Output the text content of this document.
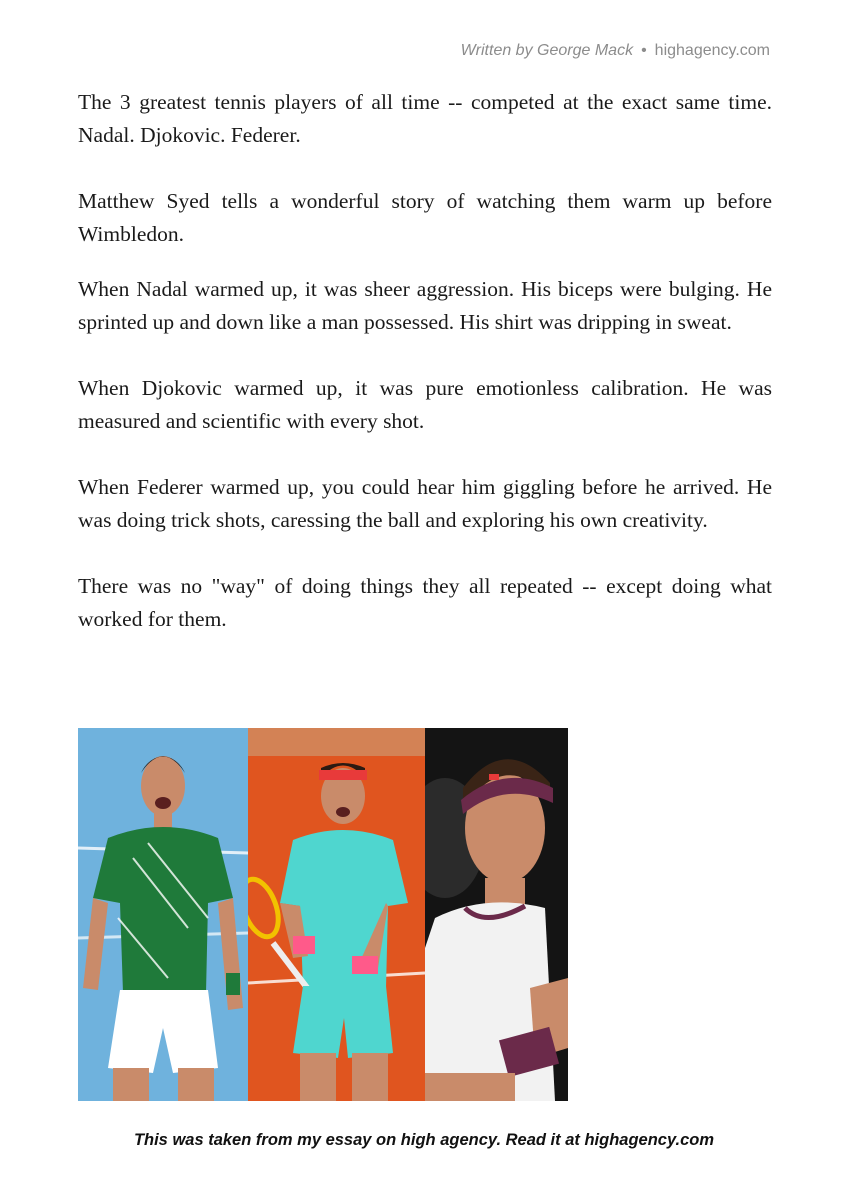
Written by George Mack • highagency.com

The 3 greatest tennis players of all time -- competed at the exact same time. Nadal. Djokovic. Federer.

Matthew Syed tells a wonderful story of watching them warm up before Wimbledon.

When Nadal warmed up, it was sheer aggression. His biceps were bulging. He sprinted up and down like a man possessed. His shirt was dripping in sweat.

When Djokovic warmed up, it was pure emotionless calibration. He was measured and scientific with every shot.

When Federer warmed up, you could hear him giggling before he arrived. He was doing trick shots, caressing the ball and exploring his own creativity.

There was no "way" of doing things they all repeated -- except doing what worked for them.

This was taken from my essay on high agency. Read it at highagency.com
